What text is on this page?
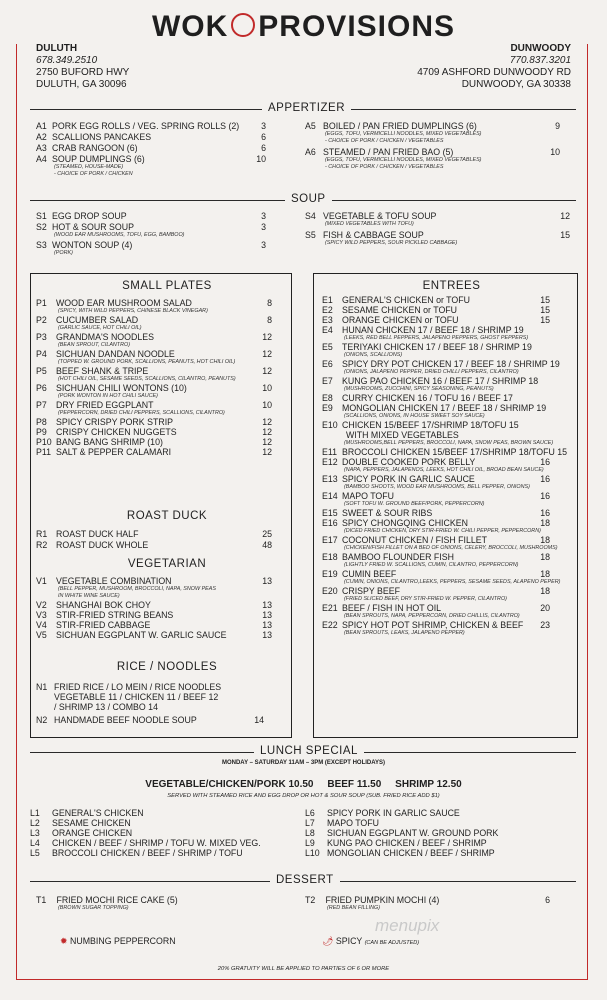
WOK PROVISIONS
DULUTH
678.349.2510
2750 BUFORD HWY
DULUTH, GA 30096
DUNWOODY
770.837.3201
4709 ASHFORD DUNWOODY RD
DUNWOODY, GA 30338
APPERTIZER
A1 PORK EGG ROLLS / VEG. SPRING ROLLS (2) 3
A2 SCALLIONS PANCAKES	6
A3 CRAB RANGOON (6)	6
A4 SOUP DUMPLINGS (6)	10
(STEAMED, HOUSE-MADE)
- CHOICE OF PORK / CHICKEN
A5 BOILED / PAN FRIED DUMPLINGS (6)	9
(EGGS, TOFU, VERMICELLI NOODLES, MIXED VEGETABLES)
- CHOICE OF PORK / CHICKEN / VEGETABLES
A6 STEAMED / PAN FRIED BAO (5)	10
(EGGS, TOFU, VERMICELLI NOODLES, MIXED VEGETABLES)
- CHOICE OF PORK / CHICKEN / VEGETABLES
SOUP
S1 EGG DROP SOUP	3
S2 HOT & SOUR SOUP	3
(WOOD EAR MUSHROOMS, TOFU, EGG, BAMBOO)
S3 WONTON SOUP (4)	3
(PORK)
S4 VEGETABLE & TOFU SOUP	12
(MIXED VEGETABLES WITH TOFU)
S5 FISH & CABBAGE SOUP	15
(SPICY WILD PEPPERS, SOUR PICKLED CABBAGE)
SMALL PLATES
P1 WOOD EAR MUSHROOM SALAD	8
(SPICY, WITH WILD PEPPERS, CHINESE BLACK VINEGAR)
P2 CUCUMBER SALAD	8
(GARLIC SAUCE, HOT CHILI OIL)
P3 GRANDMA'S NOODLES	12
(BEAN SPROUT, CILANTRO)
P4 SICHUAN DANDAN NOODLE	12
(TOPPED W. GROUND PORK, SCALLIONS, PEANUTS, HOT CHILI OIL)
P5 BEEF SHANK & TRIPE	12
(HOT CHILI OIL, SESAME SEEDS, SCALLIONS, CILANTRO, PEANUTS)
P6 SICHUAN CHILI WONTONS (10)	10
(PORK WONTON IN HOT CHILI SAUCE)
P7 DRY FRIED EGGPLANT	10
(PEPPERCORN, DRIED CHILI PEPPERS, SCALLIONS, CILANTRO)
P8 SPICY CRISPY PORK STRIP	12
P9 CRISPY CHICKEN NUGGETS	12
P10 BANG BANG SHRIMP (10)	12
P11 SALT & PEPPER CALAMARI	12
ROAST DUCK
R1 ROAST DUCK HALF	25
R2 ROAST DUCK WHOLE	48
VEGETARIAN
V1 VEGETABLE COMBINATION	13
(BELL PEPPER, MUSHROOM, BROCCOLI, NAPA, SNOW PEAS
IN WHITE WINE SAUCE)
V2 SHANGHAI BOK CHOY	13
V3 STIR-FRIED STRING BEANS	13
V4 STIR-FRIED CABBAGE	13
V5 SICHUAN EGGPLANT W. GARLIC SAUCE	13
RICE / NOODLES
N1 FRIED RICE / LO MEIN / RICE NOODLES
VEGETABLE 11 / CHICKEN 11 / BEEF 12
/ SHRIMP 13 / COMBO 14
N2 HANDMADE BEEF NOODLE SOUP	14
ENTREES
E1 GENERAL'S CHICKEN or TOFU	15
E2 SESAME CHICKEN or TOFU	15
E3 ORANGE CHICKEN or TOFU	15
E4 HUNAN CHICKEN 17 / BEEF 18 / SHRIMP 19
(LEEKS, RED BELL PEPPERS, JALAPENO PEPPERS, GHOST PEPPERS)
E5 TERIYAKI CHICKEN 17 / BEEF 18 / SHRIMP 19
(ONIONS, SCALLIONS)
E6 SPICY DRY POT CHICKEN 17 / BEEF 18 / SHRIMP 19
(ONIONS, JALAPENO PEPPER, DRIED CHILLI PEPPERS, CILANTRO)
E7 KUNG PAO CHICKEN 16 / BEEF 17 / SHRIMP 18
(MUSHROOMS, ZUCCHINI, SPICY SEASONING, PEANUTS)
E8 CURRY CHICKEN 16 / TOFU 16 / BEEF 17
E9 MONGOLIAN CHICKEN 17 / BEEF 18 / SHRIMP 19
(SCALLIONS, ONIONS, IN HOUSE SWEET SOY SAUCE)
E10 CHICKEN 15/BEEF 17/SHRIMP 18/TOFU 15
WITH MIXED VEGETABLES
(MUSHROOMS,BELL PEPPERS, BROCCOLI, NAPA, SNOW PEAS, BROWN SAUCE)
E11 BROCCOLI CHICKEN 15/BEEF 17/SHRIMP 18/TOFU 15
E12 DOUBLE COOKED PORK BELLY	16
(NAPA, PEPPERS, JALAPENOS, LEEKS, HOT CHILI OIL, BROAD BEAN SAUCE)
E13 SPICY PORK IN GARLIC SAUCE	16
(BAMBOO SHOOTS, WOOD EAR MUSHROOMS, BELL PEPPER, ONIONS)
E14 MAPO TOFU	16
(SOFT TOFU W. GROUND BEEF/PORK, PEPPERCORN)
E15 SWEET & SOUR RIBS	16
E16 SPICY CHONGQING CHICKEN	18
(DICED FRIED CHICKEN, DRY STIR-FRIED W. CHILI PEPPER, PEPPERCORN)
E17 COCONUT CHICKEN / FISH FILLET	18
(CHICKEN/FISH FILLET ON A BED OF ONIONS, CELERY, BROCCOLI, MUSHROOMS)
E18 BAMBOO FLOUNDER FISH	18
(LIGHTLY FRIED W. SCALLIONS, CUMIN, CILANTRO, PEPPERCORN)
E19 CUMIN BEEF	18
(CUMIN, ONIONS, CILANTRO,LEEKS, PEPPERS, SESAME SEEDS, ALAPENO PEPER)
E20 CRISPY BEEF	18
(FRIED SLICED BEEF, DRY STIR-FRIED W. PEPPER, CILANTRO)
E21 BEEF / FISH IN HOT OIL	20
(BEAN SPROUTS, NAPA, PEPPERCORN, DRIED CHILLIS, CILANTRO)
E22 SPICY HOT POT SHRIMP, CHICKEN & BEEF 23
(BEAN SPROUTS, LEAKS, JALAPENO PEPPER)
LUNCH SPECIAL
MONDAY – SATURDAY 11AM – 3PM (EXCEPT HOLIDAYS)
VEGETABLE/CHICKEN/PORK 10.50     BEEF 11.50     SHRIMP 12.50
SERVED WITH STEAMED RICE AND EGG DROP OR HOT & SOUR SOUP (SUB. FRIED RICE ADD $1)
L1 GENERAL'S CHICKEN
L2 SESAME CHICKEN
L3 ORANGE CHICKEN
L4 CHICKEN / BEEF / SHRIMP / TOFU W. MIXED VEG.
L5 BROCCOLI CHICKEN / BEEF / SHRIMP / TOFU
L6 SPICY PORK IN GARLIC SAUCE
L7 MAPO TOFU
L8 SICHUAN EGGPLANT W. GROUND PORK
L9 KUNG PAO CHICKEN / BEEF / SHRIMP
L10 MONGOLIAN CHICKEN / BEEF / SHRIMP
DESSERT
T1 FRIED MOCHI RICE CAKE (5)
(BROWN SUGAR TOPPING)
T2 FRIED PUMPKIN MOCHI (4)	6
(RED BEAN FILLING)
menupix
✹ NUMBING PEPPERCORN	🌶 SPICY (CAN BE ADJUSTED)
20% GRATUITY WILL BE APPLIED TO PARTIES OF 6 OR MORE
